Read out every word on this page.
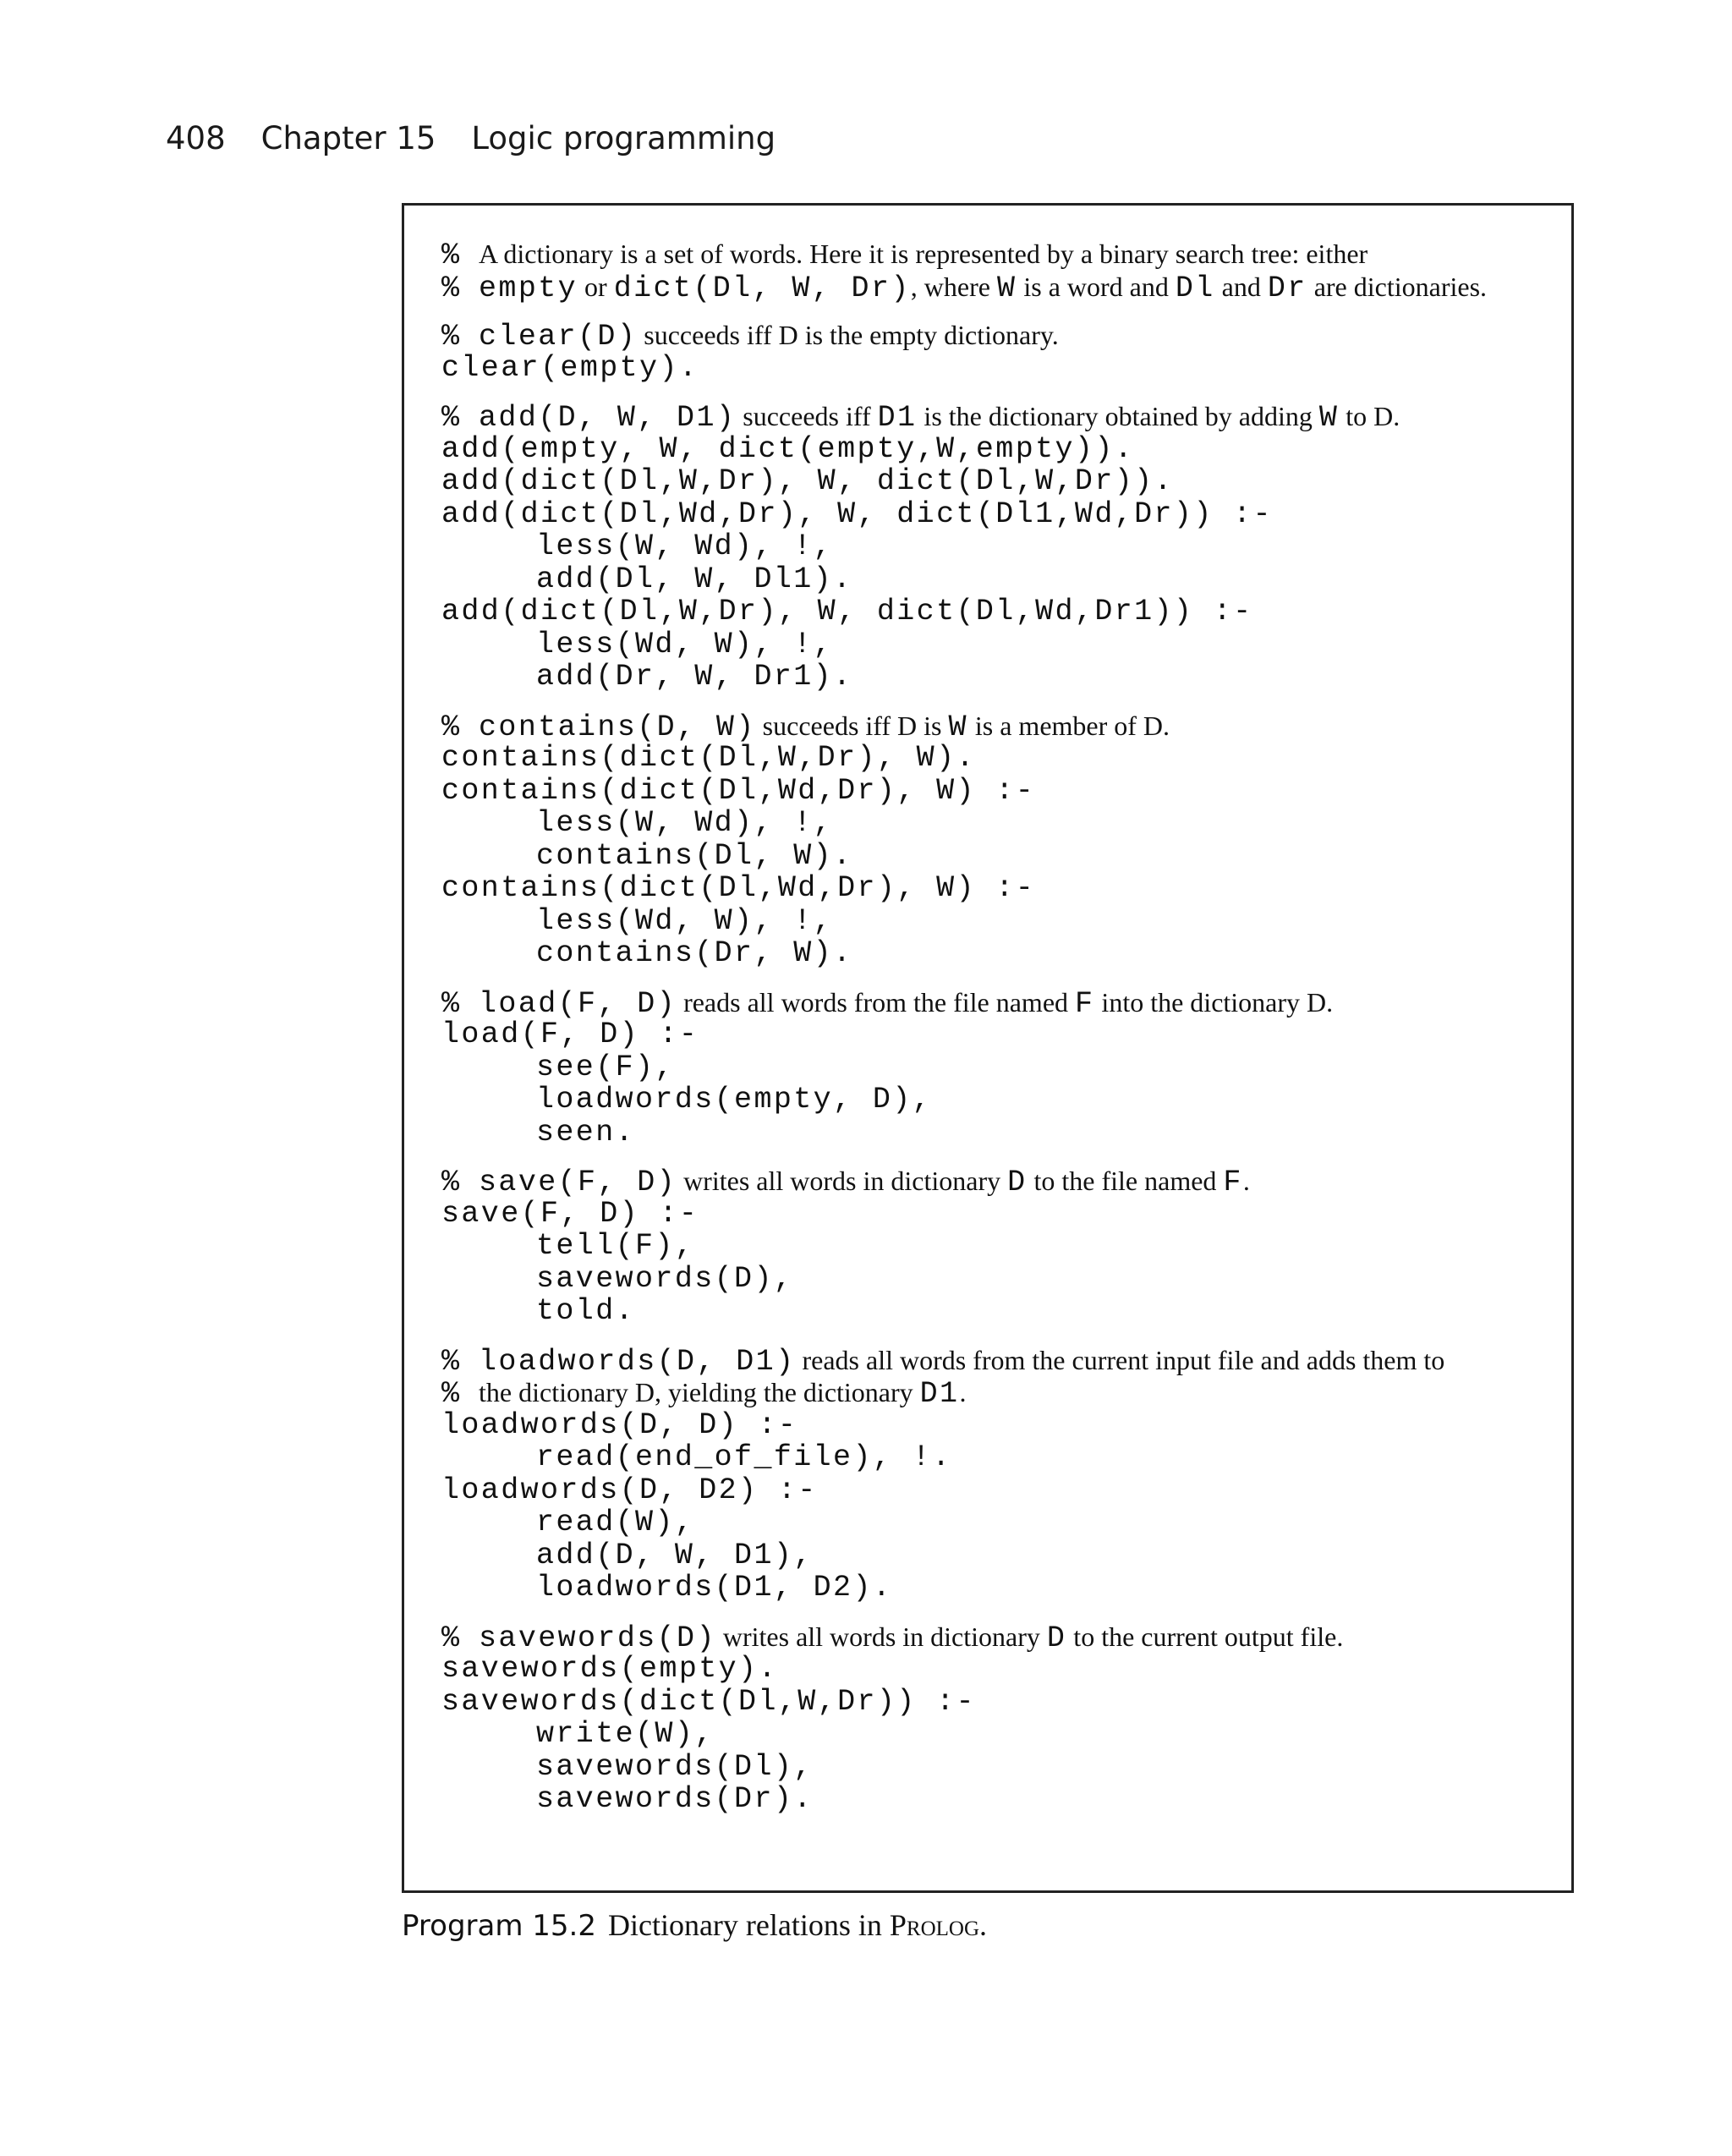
408 Chapter 15 Logic programming
% A dictionary is a set of words. Here it is represented by a binary search tree: either
% empty or dict(Dl, W, Dr), where W is a word and Dl and Dr are dictionaries.
% clear(D) succeeds iff D is the empty dictionary.
clear(empty).
% add(D, W, D1) succeeds iff D1 is the dictionary obtained by adding W to D.
add(empty, W, dict(empty,W,empty)).
add(dict(Dl,W,Dr), W, dict(Dl,W,Dr)).
add(dict(Dl,Wd,Dr), W, dict(Dl1,Wd,Dr)) :-
less(W, Wd), !,
add(Dl, W, Dl1).
add(dict(Dl,W,Dr), W, dict(Dl,Wd,Dr1)) :-
less(Wd, W), !,
add(Dr, W, Dr1).
% contains(D, W) succeeds iff D is W is a member of D.
contains(dict(Dl,W,Dr), W).
contains(dict(Dl,Wd,Dr), W) :-
less(W, Wd), !,
contains(Dl, W).
contains(dict(Dl,Wd,Dr), W) :-
less(Wd, W), !,
contains(Dr, W).
% load(F, D) reads all words from the file named F into the dictionary D.
load(F, D) :-
see(F),
loadwords(empty, D),
seen.
% save(F, D) writes all words in dictionary D to the file named F.
save(F, D) :-
tell(F),
savewords(D),
told.
% loadwords(D, D1) reads all words from the current input file and adds them to
% the dictionary D, yielding the dictionary D1.
loadwords(D, D) :-
read(end_of_file), !.
loadwords(D, D2) :-
read(W),
add(D, W, D1),
loadwords(D1, D2).
% savewords(D) writes all words in dictionary D to the current output file.
savewords(empty).
savewords(dict(Dl,W,Dr)) :-
write(W),
savewords(Dl),
savewords(Dr).
Program 15.2 Dictionary relations in Prolog.
